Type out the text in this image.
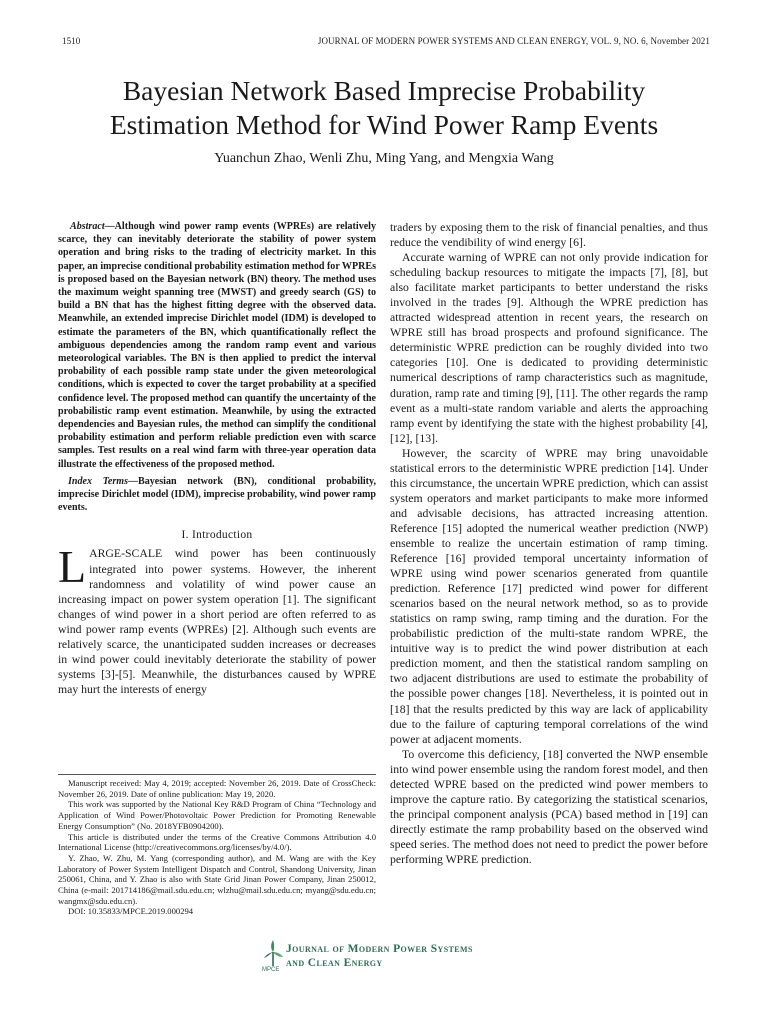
1510	JOURNAL OF MODERN POWER SYSTEMS AND CLEAN ENERGY, VOL. 9, NO. 6, November 2021
Bayesian Network Based Imprecise Probability
Estimation Method for Wind Power Ramp Events
Yuanchun Zhao, Wenli Zhu, Ming Yang, and Mengxia Wang

Abstract—Although wind power ramp events (WPREs) are relatively scarce, they can inevitably deteriorate the stability of power system operation and bring risks to the trading of electricity market. In this paper, an imprecise conditional probability estimation method for WPREs is proposed based on the Bayesian network (BN) theory. The method uses the maximum weight spanning tree (MWST) and greedy search (GS) to build a BN that has the highest fitting degree with the observed data. Meanwhile, an extended imprecise Dirichlet model (IDM) is developed to estimate the parameters of the BN, which quantificationally reflect the ambiguous dependencies among the random ramp event and various meteorological variables. The BN is then applied to predict the interval probability of each possible ramp state under the given meteorological conditions, which is expected to cover the target probability at a specified confidence level. The proposed method can quantify the uncertainty of the probabilistic ramp event estimation. Meanwhile, by using the extracted dependencies and Bayesian rules, the method can simplify the conditional probability estimation and perform reliable prediction even with scarce samples. Test results on a real wind farm with three-year operation data illustrate the effectiveness of the proposed method.

Index Terms—Bayesian network (BN), conditional probability, imprecise Dirichlet model (IDM), imprecise probability, wind power ramp events.

I. Introduction

LARGE-SCALE wind power has been continuously integrated into power systems. However, the inherent randomness and volatility of wind power cause an increasing impact on power system operation [1]. The significant changes of wind power in a short period are often referred to as wind power ramp events (WPREs) [2]. Although such events are relatively scarce, the unanticipated sudden increases or decreases in wind power could inevitably deteriorate the stability of power systems [3]-[5]. Meanwhile, the disturbances caused by WPRE may hurt the interests of energy

traders by exposing them to the risk of financial penalties, and thus reduce the vendibility of wind energy [6].

Accurate warning of WPRE can not only provide indication for scheduling backup resources to mitigate the impacts [7], [8], but also facilitate market participants to better understand the risks involved in the trades [9]. Although the WPRE prediction has attracted widespread attention in recent years, the research on WPRE still has broad prospects and profound significance. The deterministic WPRE prediction can be roughly divided into two categories [10]. One is dedicated to providing deterministic numerical descriptions of ramp characteristics such as magnitude, duration, ramp rate and timing [9], [11]. The other regards the ramp event as a multi-state random variable and alerts the approaching ramp event by identifying the state with the highest probability [4], [12], [13].

However, the scarcity of WPRE may bring unavoidable statistical errors to the deterministic WPRE prediction [14]. Under this circumstance, the uncertain WPRE prediction, which can assist system operators and market participants to make more informed and advisable decisions, has attracted increasing attention. Reference [15] adopted the numerical weather prediction (NWP) ensemble to realize the uncertain estimation of ramp timing. Reference [16] provided temporal uncertainty information of WPRE using wind power scenarios generated from quantile prediction. Reference [17] predicted wind power for different scenarios based on the neural network method, so as to provide statistics on ramp swing, ramp timing and the duration. For the probabilistic prediction of the multi-state random WPRE, the intuitive way is to predict the wind power distribution at each prediction moment, and then the statistical random sampling on two adjacent distributions are used to estimate the probability of the possible power changes [18]. Nevertheless, it is pointed out in [18] that the results predicted by this way are lack of applicability due to the failure of capturing temporal correlations of the wind power at adjacent moments.

To overcome this deficiency, [18] converted the NWP ensemble into wind power ensemble using the random forest model, and then detected WPRE based on the predicted wind power members to improve the capture ratio. By categorizing the statistical scenarios, the principal component analysis (PCA) based method in [19] can directly estimate the ramp probability based on the observed wind speed series. The method does not need to predict the power before performing WPRE prediction.

Manuscript received: May 4, 2019; accepted: November 26, 2019. Date of CrossCheck: November 26, 2019. Date of online publication: May 19, 2020.

This work was supported by the National Key R&D Program of China “Technology and Application of Wind Power/Photovoltaic Power Prediction for Promoting Renewable Energy Consumption” (No. 2018YFB0904200).

This article is distributed under the terms of the Creative Commons Attribution 4.0 International License (http://creativecommons.org/licenses/by/4.0/).

Y. Zhao, W. Zhu, M. Yang (corresponding author), and M. Wang are with the Key Laboratory of Power System Intelligent Dispatch and Control, Shandong University, Jinan 250061, China, and Y. Zhao is also with State Grid Jinan Power Company, Jinan 250012, China (e-mail: 201714186@mail.sdu.edu.cn; wlzhu@mail.sdu.edu.cn; myang@sdu.edu.cn; wangmx@sdu.edu.cn).

DOI: 10.35833/MPCE.2019.000294

MPCE
Journal of Modern Power Systems
and Clean Energy
